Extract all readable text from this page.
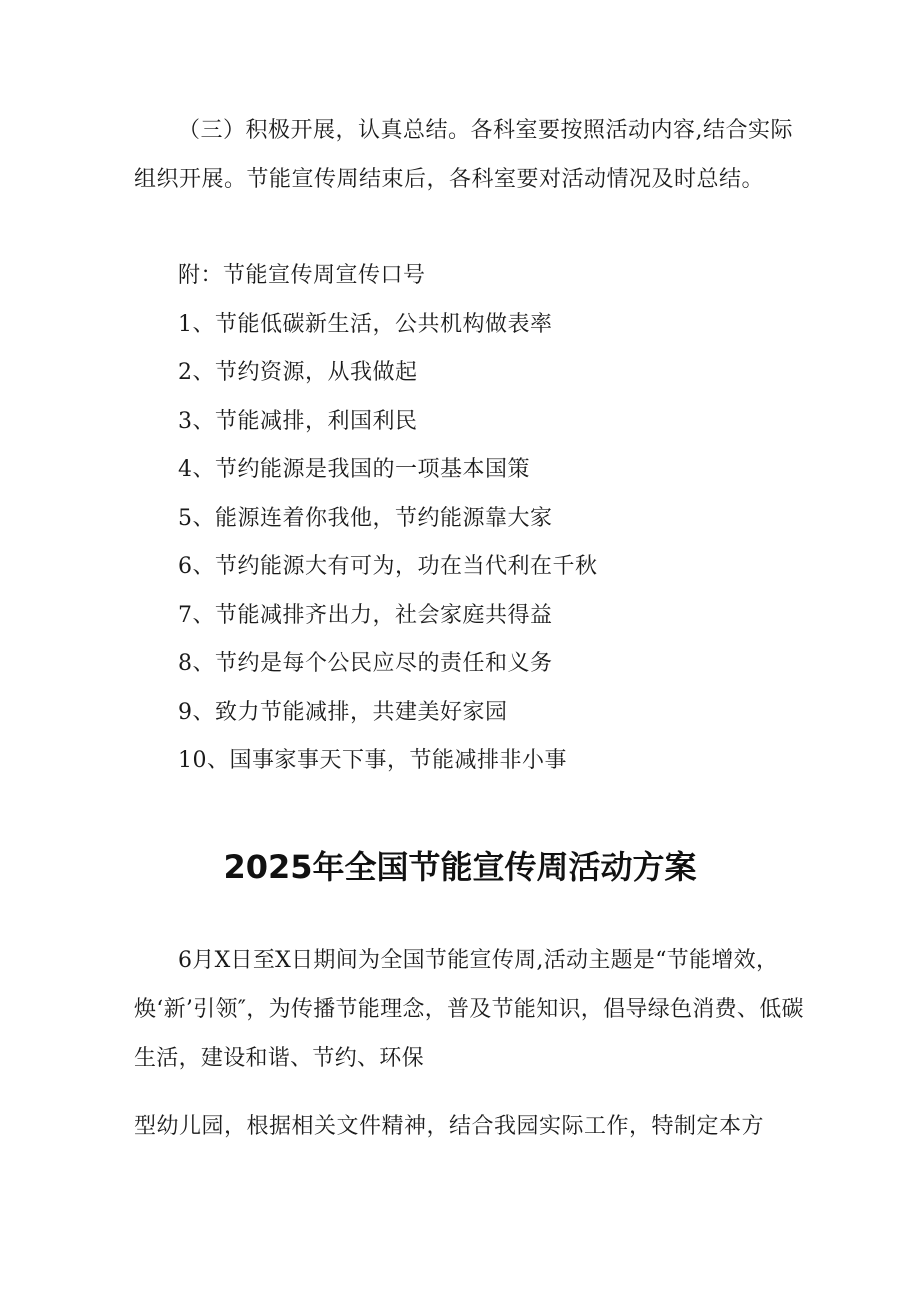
（三）积极开展，认真总结。各科室要按照活动内容,结合实际组织开展。节能宣传周结束后，各科室要对活动情况及时总结。

附：节能宣传周宣传口号

1、节能低碳新生活，公共机构做表率

2、节约资源，从我做起

3、节能减排，利国利民

4、节约能源是我国的一项基本国策

5、能源连着你我他，节约能源靠大家

6、节约能源大有可为，功在当代利在千秋

7、节能减排齐出力，社会家庭共得益

8、节约是每个公民应尽的责任和义务

9、致力节能减排，共建美好家园

10、国事家事天下事，节能减排非小事

2025年全国节能宣传周活动方案

6月X日至X日期间为全国节能宣传周,活动主题是“节能增效，焕‘新’引领″，为传播节能理念，普及节能知识，倡导绿色消费、低碳生活，建设和谐、节约、环保

型幼儿园，根据相关文件精神，结合我园实际工作，特制定本方
